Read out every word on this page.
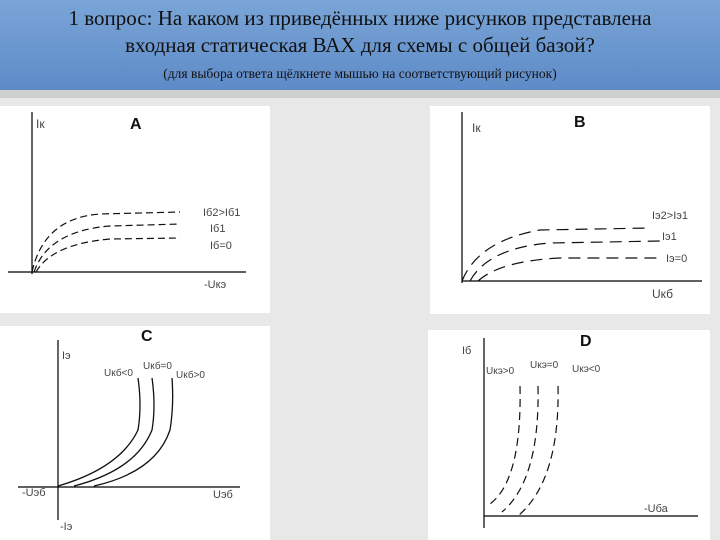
1 вопрос: На каком из приведённых ниже рисунков представлена
входная статическая ВАХ для схемы с общей базой?
(для выбора ответа щёлкнете мышью на соответствующий рисунок)
Iк	A
-Uкэ
Iб2>Iб1
Iб1
Iб=0
Iк	B
Uкб
Iэ2>Iэ1
Iэ1
Iэ=0
C
Iэ
-Iэ
-Uэб	Uэб
Uкб<0
Uкб=0
Uкб>0
D
Iб
-Uба
Uкэ>0
Uкэ=0 Uкэ<0
